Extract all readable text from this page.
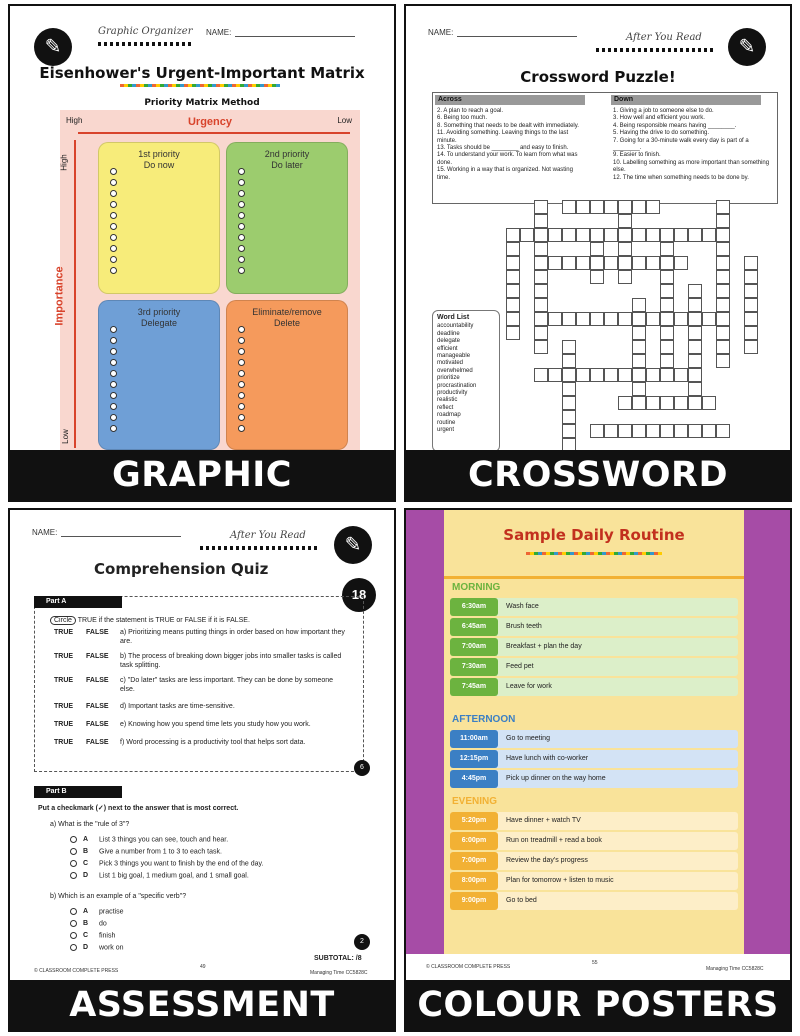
✎
Graphic Organizer NAME:
Eisenhower's Urgent-Important Matrix
Priority Matrix Method
High	Low
Urgency
High
Low
Importance
1st priority
Do now
2nd priority
Do later
3rd priority
Delegate
Eliminate/remove
Delete
GRAPHIC
NAME:	After You Read	✎
Crossword Puzzle!
Across	Down
2. A plan to reach a goal.
6. Being too much.
8. Something that needs to be dealt with immediately.
11. Avoiding something. Leaving things to the last minute.
13. Tasks should be ________ and easy to finish.
14. To understand your work. To learn from what was done.
15. Working in a way that is organized. Not wasting time.
1. Giving a job to someone else to do.
3. How well and efficient you work.
4. Being responsible means having ________.
5. Having the drive to do something.
7. Going for a 30-minute walk every day is part of a ________.
9. Easier to finish.
10. Labelling something as more important than something else.
12. The time when something needs to be done by.
Word List
accountability
deadline
delegate
efficient
manageable
motivated
overwhelmed
prioritize
procrastination
productivity
realistic
reflect
roadmap
routine
urgent
CROSSWORD
NAME:	After You Read	✎
Comprehension Quiz
18
Part A
Circle TRUE if the statement is TRUE or FALSE if it is FALSE.
TRUE FALSE a) Prioritizing means putting things in order based on how important they are.
TRUE FALSE b) The process of breaking down bigger jobs into smaller tasks is called task splitting.
TRUE FALSE c) "Do later" tasks are less important. They can be done by someone else.
TRUE FALSE d) Important tasks are time-sensitive.
TRUE FALSE e) Knowing how you spend time lets you study how you work.
TRUE FALSE f) Word processing is a productivity tool that helps sort data.
6
Part B
Put a checkmark (✓) next to the answer that is most correct.
a) What is the "rule of 3"?
A List 3 things you can see, touch and hear.
B Give a number from 1 to 3 to each task.
C Pick 3 things you want to finish by the end of the day.
D List 1 big goal, 1 medium goal, and 1 small goal.
b) Which is an example of a "specific verb"?
A practise
B do
C finish
D work on
2
SUBTOTAL: /8
© CLASSROOM COMPLETE PRESS
49
Managing Time CC5828C
ASSESSMENT
Sample Daily Routine
MORNING
6:30am	Wash face
6:45am	Brush teeth
7:00am	Breakfast + plan the day
7:30am	Feed pet
7:45am	Leave for work
AFTERNOON
11:00am	Go to meeting
12:15pm	Have lunch with co-worker
4:45pm	Pick up dinner on the way home
EVENING
5:20pm	Have dinner + watch TV
6:00pm	Run on treadmill + read a book
7:00pm	Review the day's progress
8:00pm	Plan for tomorrow + listen to music
9:00pm	Go to bed
© CLASSROOM COMPLETE PRESS
55
Managing Time CC5828C
COLOUR POSTERS
